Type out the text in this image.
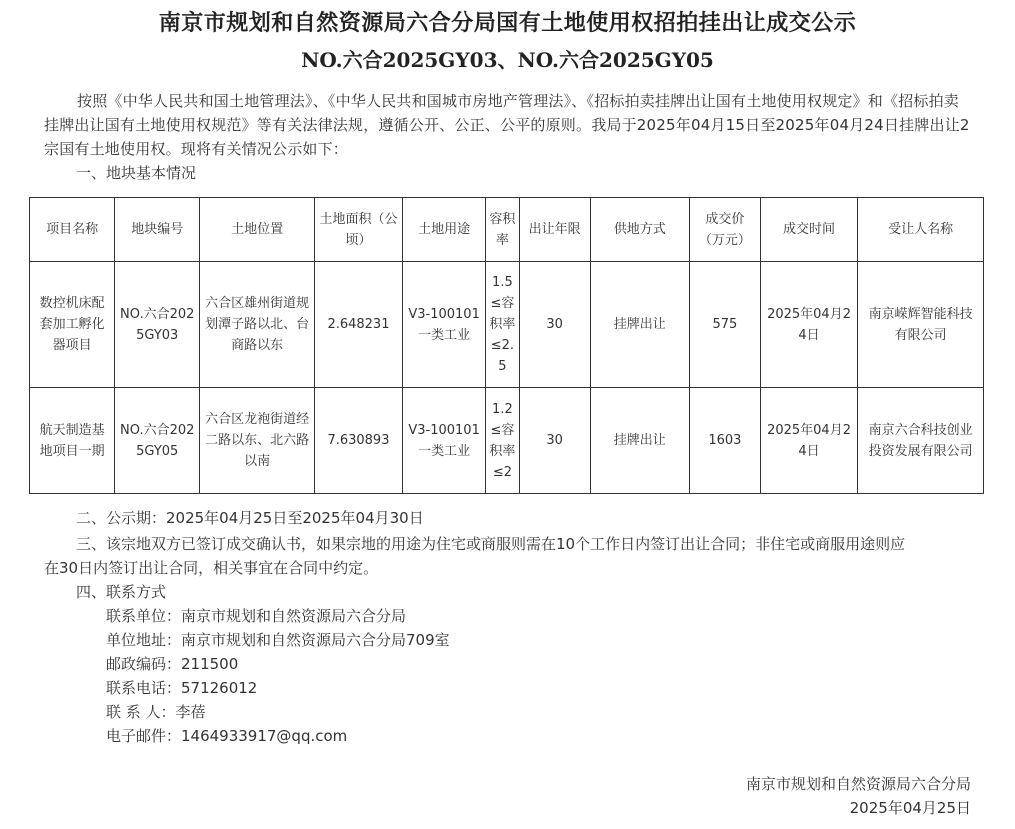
南京市规划和自然资源局六合分局国有土地使用权招拍挂出让成交公示
NO.六合2025GY03、NO.六合2025GY05

按照《中华人民共和国土地管理法》、《中华人民共和国城市房地产管理法》、《招标拍卖挂牌出让国有土地使用权规定》和《招标拍卖挂牌出让国有土地使用权规范》等有关法律法规，遵循公开、公正、公平的原则。我局于2025年04月15日至2025年04月24日挂牌出让2宗国有土地使用权。现将有关情况公示如下：

一、地块基本情况
项目名称	地块编号	土地位置	土地面积（公顷）	土地用途	容积率	出让年限	供地方式	成交价（万元）	成交时间	受让人名称
数控机床配套加工孵化器项目	NO.六合2025GY03	六合区雄州街道规划潭子路以北、台商路以东	2.648231	V3-100101一类工业	1.5≤容积率≤2.5	30	挂牌出让	575	2025年04月24日	南京嵘辉智能科技有限公司
航天制造基地项目一期	NO.六合2025GY05	六合区龙袍街道经二路以东、北六路以南	7.630893	V3-100101一类工业	1.2≤容积率≤2	30	挂牌出让	1603	2025年04月24日	南京六合科技创业投资发展有限公司
二、公示期：2025年04月25日至2025年04月30日
三、该宗地双方已签订成交确认书，如果宗地的用途为住宅或商服则需在10个工作日内签订出让合同；非住宅或商服用途则应
在30日内签订出让合同，相关事宜在合同中约定。
四、联系方式
联系单位：南京市规划和自然资源局六合分局
单位地址：南京市规划和自然资源局六合分局709室
邮政编码：211500
联系电话：57126012
联 系 人：李蓓
电子邮件：1464933917@qq.com
南京市规划和自然资源局六合分局
2025年04月25日
